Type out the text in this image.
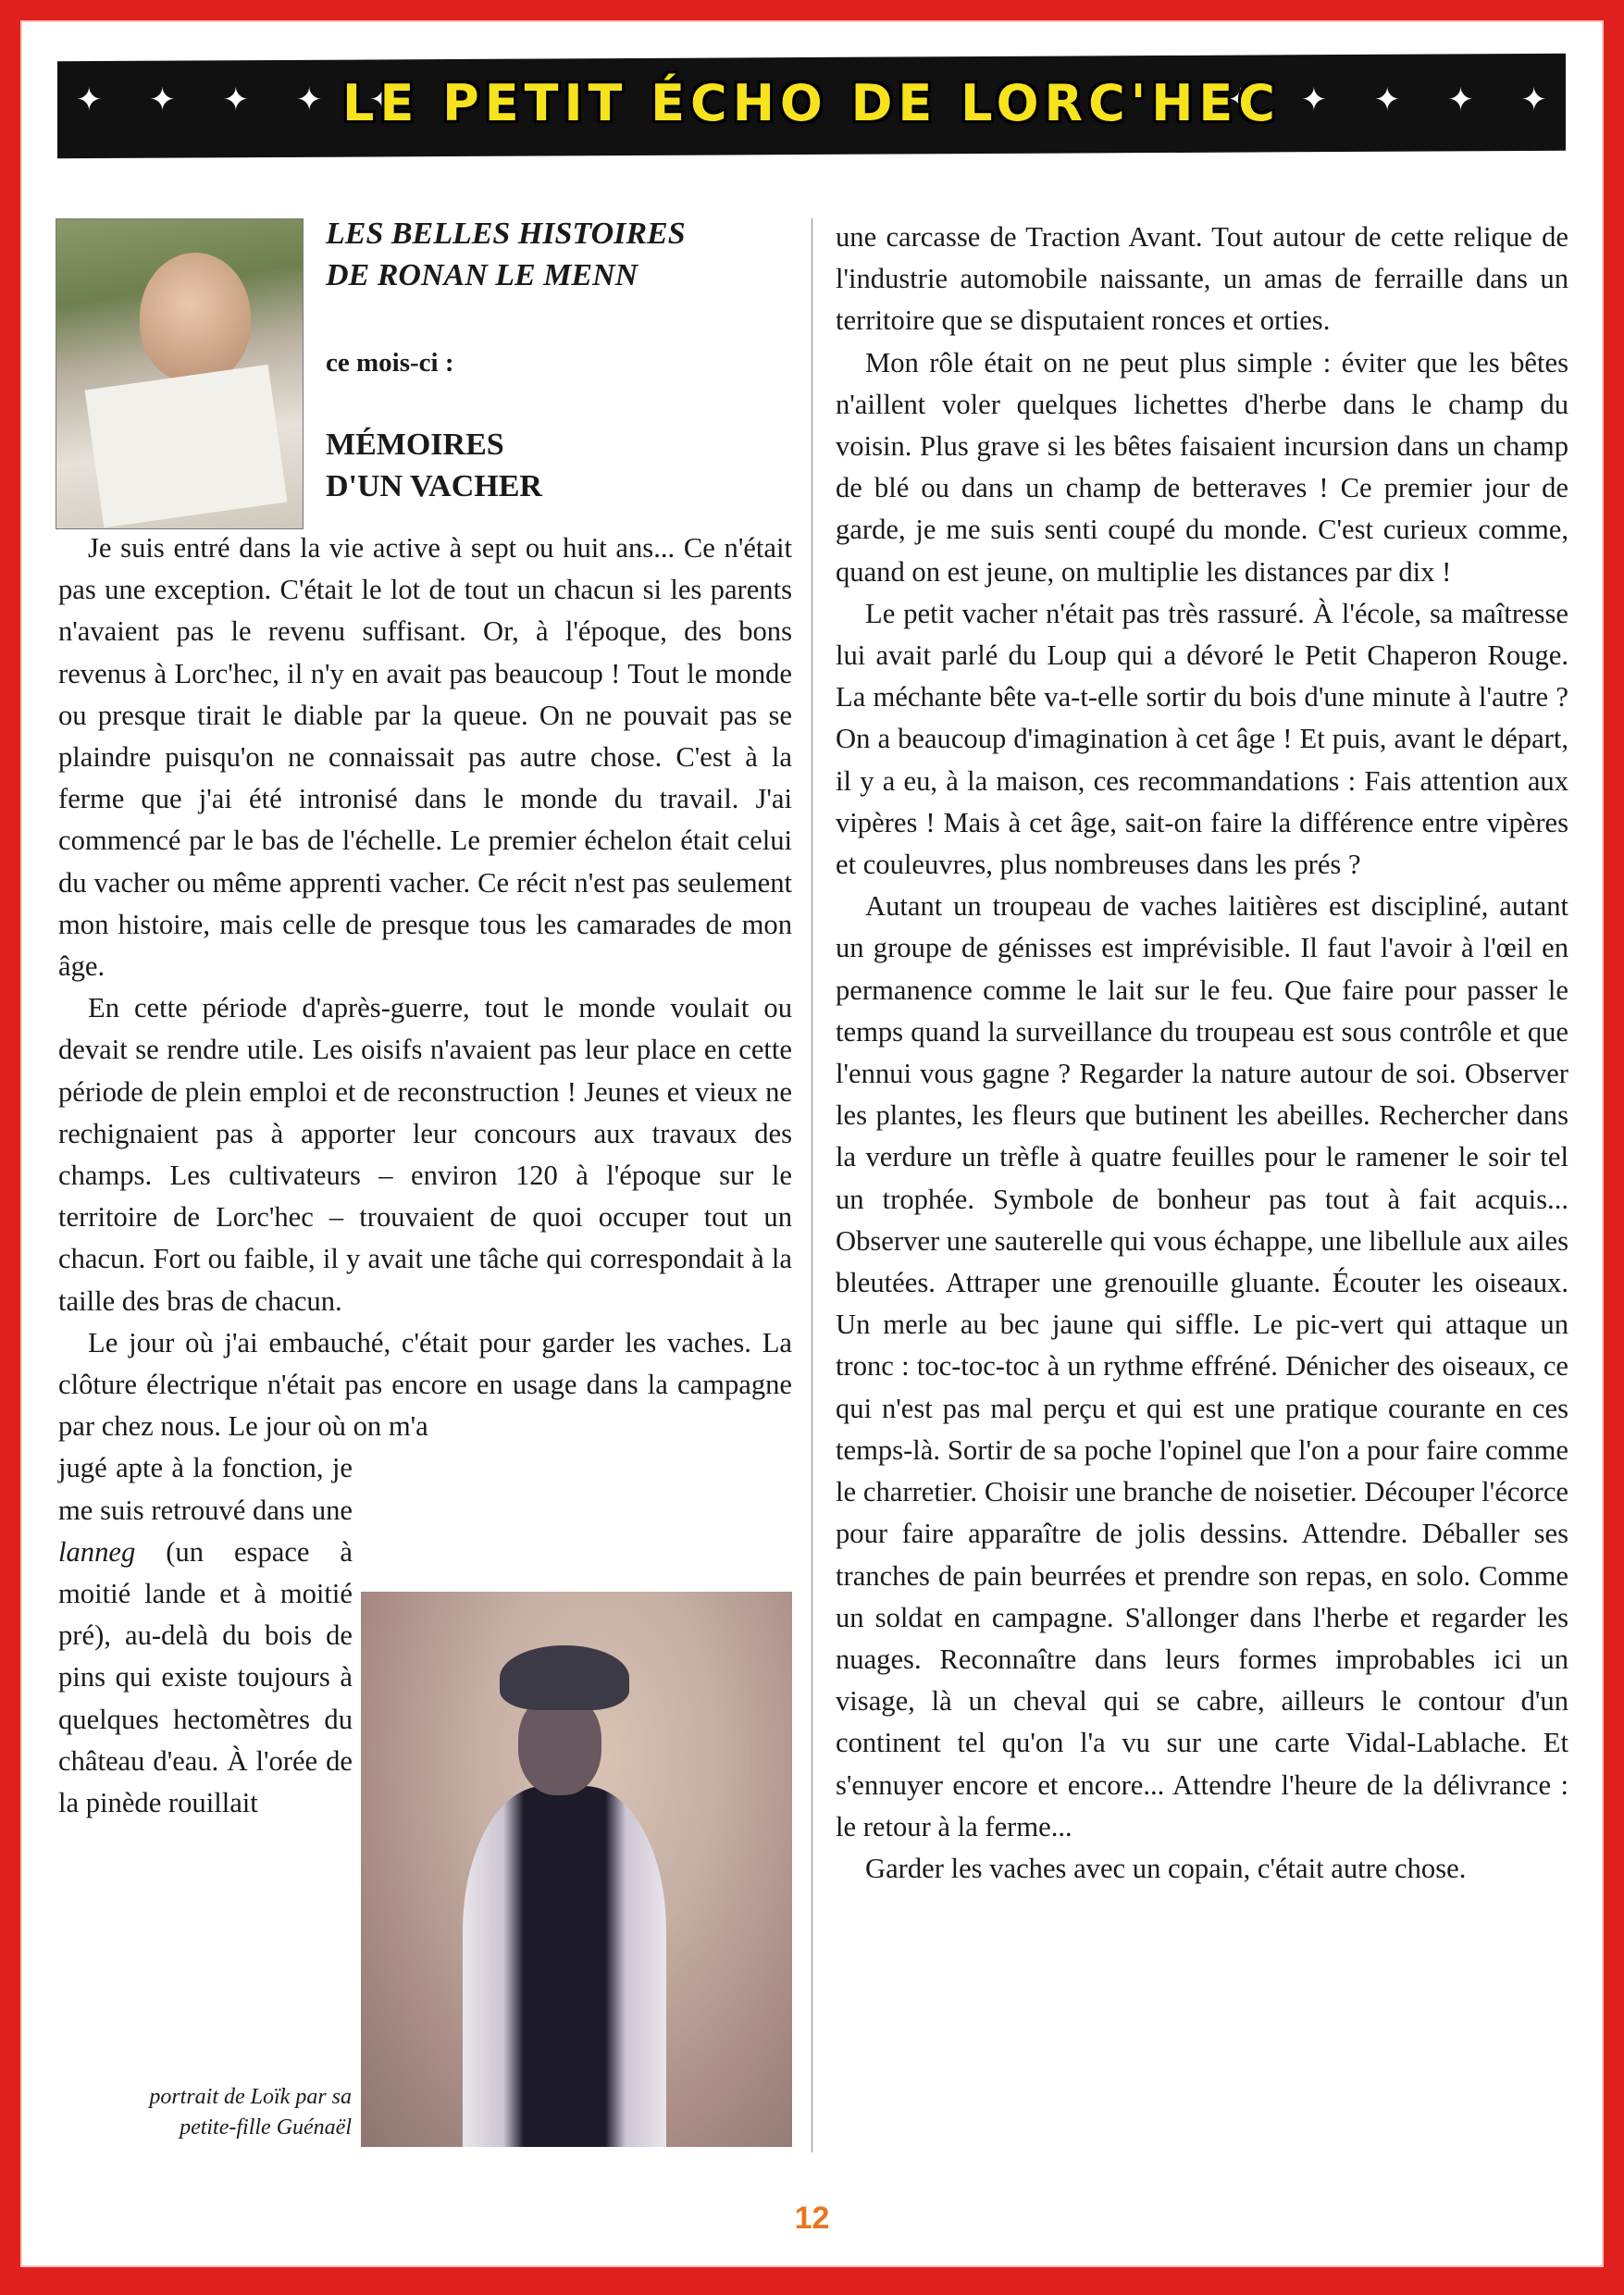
✦ ✦ ✦ ✦ ✦	✦ ✦ ✦ ✦ ✦
LE PETIT ÉCHO DE LORC'HEC

LES BELLES HISTOIRES

DE RONAN LE MENN

ce mois-ci :

MÉMOIRES
D'UN VACHER

Je suis entré dans la vie active à sept ou huit ans... Ce n'était pas une exception. C'était le lot de tout un chacun si les parents n'avaient pas le revenu suffisant. Or, à l'époque, des bons revenus à Lorc'hec, il n'y en avait pas beaucoup ! Tout le monde ou presque tirait le diable par la queue. On ne pouvait pas se plaindre puisqu'on ne connaissait pas autre chose. C'est à la ferme que j'ai été intronisé dans le monde du travail. J'ai commencé par le bas de l'échelle. Le premier échelon était celui du vacher ou même apprenti vacher. Ce récit n'est pas seulement mon histoire, mais celle de presque tous les camarades de mon âge.

En cette période d'après-guerre, tout le monde voulait ou devait se rendre utile. Les oisifs n'avaient pas leur place en cette période de plein emploi et de reconstruction ! Jeunes et vieux ne rechignaient pas à apporter leur concours aux travaux des champs. Les cultivateurs – environ 120 à l'époque sur le territoire de Lorc'hec – trouvaient de quoi occuper tout un chacun. Fort ou faible, il y avait une tâche qui correspondait à la taille des bras de chacun.

Le jour où j'ai embauché, c'était pour garder les vaches. La clôture électrique n'était pas encore en usage dans la campagne par chez nous. Le jour où on m'a

jugé apte à la fonction, je me suis retrouvé dans une lanneg (un espace à moitié lande et à moitié pré), au-delà du bois de pins qui existe toujours à quelques hectomètres du château d'eau. À l'orée de la pinède rouillait

portrait de Loïk par sa
petite-fille Guénaël

une carcasse de Traction Avant. Tout autour de cette relique de l'industrie automobile naissante, un amas de ferraille dans un territoire que se disputaient ronces et orties.

Mon rôle était on ne peut plus simple : éviter que les bêtes n'aillent voler quelques lichettes d'herbe dans le champ du voisin. Plus grave si les bêtes faisaient incursion dans un champ de blé ou dans un champ de betteraves ! Ce premier jour de garde, je me suis senti coupé du monde. C'est curieux comme, quand on est jeune, on multiplie les distances par dix !

Le petit vacher n'était pas très rassuré. À l'école, sa maîtresse lui avait parlé du Loup qui a dévoré le Petit Chaperon Rouge. La méchante bête va-t-elle sortir du bois d'une minute à l'autre ? On a beaucoup d'imagination à cet âge ! Et puis, avant le départ, il y a eu, à la maison, ces recommandations : Fais attention aux vipères ! Mais à cet âge, sait-on faire la différence entre vipères et couleuvres, plus nombreuses dans les prés ?

Autant un troupeau de vaches laitières est discipliné, autant un groupe de génisses est imprévisible. Il faut l'avoir à l'œil en permanence comme le lait sur le feu. Que faire pour passer le temps quand la surveillance du troupeau est sous contrôle et que l'ennui vous gagne ? Regarder la nature autour de soi. Observer les plantes, les fleurs que butinent les abeilles. Rechercher dans la verdure un trèfle à quatre feuilles pour le ramener le soir tel un trophée. Symbole de bonheur pas tout à fait acquis... Observer une sauterelle qui vous échappe, une libellule aux ailes bleutées. Attraper une grenouille gluante. Écouter les oiseaux. Un merle au bec jaune qui siffle. Le pic-vert qui attaque un tronc : toc-toc-toc à un rythme effréné. Dénicher des oiseaux, ce qui n'est pas mal perçu et qui est une pratique courante en ces temps-là. Sortir de sa poche l'opinel que l'on a pour faire comme le charretier. Choisir une branche de noisetier. Découper l'écorce pour faire apparaître de jolis dessins. Attendre. Déballer ses tranches de pain beurrées et prendre son repas, en solo. Comme un soldat en campagne. S'allonger dans l'herbe et regarder les nuages. Reconnaître dans leurs formes improbables ici un visage, là un cheval qui se cabre, ailleurs le contour d'un continent tel qu'on l'a vu sur une carte Vidal-Lablache. Et s'ennuyer encore et encore... Attendre l'heure de la délivrance : le retour à la ferme...

Garder les vaches avec un copain, c'était autre chose.

12
